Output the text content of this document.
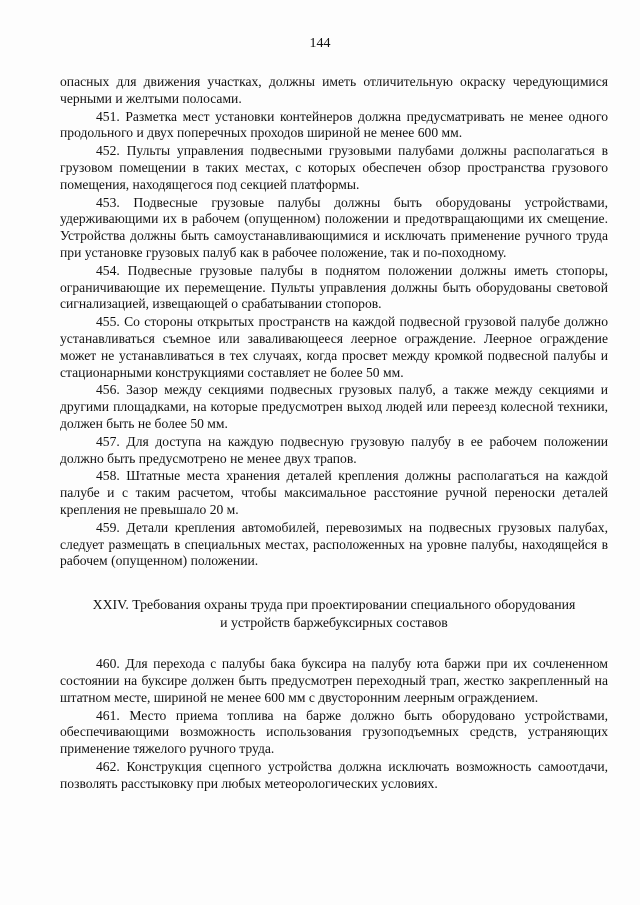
144

опасных для движения участках, должны иметь отличительную окраску чередующимися черными и желтыми полосами.

451. Разметка мест установки контейнеров должна предусматривать не менее одного продольного и двух поперечных проходов шириной не менее 600 мм.

452. Пульты управления подвесными грузовыми палубами должны располагаться в грузовом помещении в таких местах, с которых обеспечен обзор пространства грузового помещения, находящегося под секцией платформы.

453. Подвесные грузовые палубы должны быть оборудованы устройствами, удерживающими их в рабочем (опущенном) положении и предотвращающими их смещение. Устройства должны быть самоустанавливающимися и исключать применение ручного труда при установке грузовых палуб как в рабочее положение, так и по-походному.

454. Подвесные грузовые палубы в поднятом положении должны иметь стопоры, ограничивающие их перемещение. Пульты управления должны быть оборудованы световой сигнализацией, извещающей о срабатывании стопоров.

455. Со стороны открытых пространств на каждой подвесной грузовой палубе должно устанавливаться съемное или заваливающееся леерное ограждение. Леерное ограждение может не устанавливаться в тех случаях, когда просвет между кромкой подвесной палубы и стационарными конструкциями составляет не более 50 мм.

456. Зазор между секциями подвесных грузовых палуб, а также между секциями и другими площадками, на которые предусмотрен выход людей или переезд колесной техники, должен быть не более 50 мм.

457. Для доступа на каждую подвесную грузовую палубу в ее рабочем положении должно быть предусмотрено не менее двух трапов.

458. Штатные места хранения деталей крепления должны располагаться на каждой палубе и с таким расчетом, чтобы максимальное расстояние ручной переноски деталей крепления не превышало 20 м.

459. Детали крепления автомобилей, перевозимых на подвесных грузовых палубах, следует размещать в специальных местах, расположенных на уровне палубы, находящейся в рабочем (опущенном) положении.

XXIV. Требования охраны труда при проектировании специального оборудования и устройств баржебуксирных составов

460. Для перехода с палубы бака буксира на палубу юта баржи при их сочлененном состоянии на буксире должен быть предусмотрен переходный трап, жестко закрепленный на штатном месте, шириной не менее 600 мм с двусторонним леерным ограждением.

461. Место приема топлива на барже должно быть оборудовано устройствами, обеспечивающими возможность использования грузоподъемных средств, устраняющих применение тяжелого ручного труда.

462. Конструкция сцепного устройства должна исключать возможность самоотдачи, позволять расстыковку при любых метеорологических условиях.
